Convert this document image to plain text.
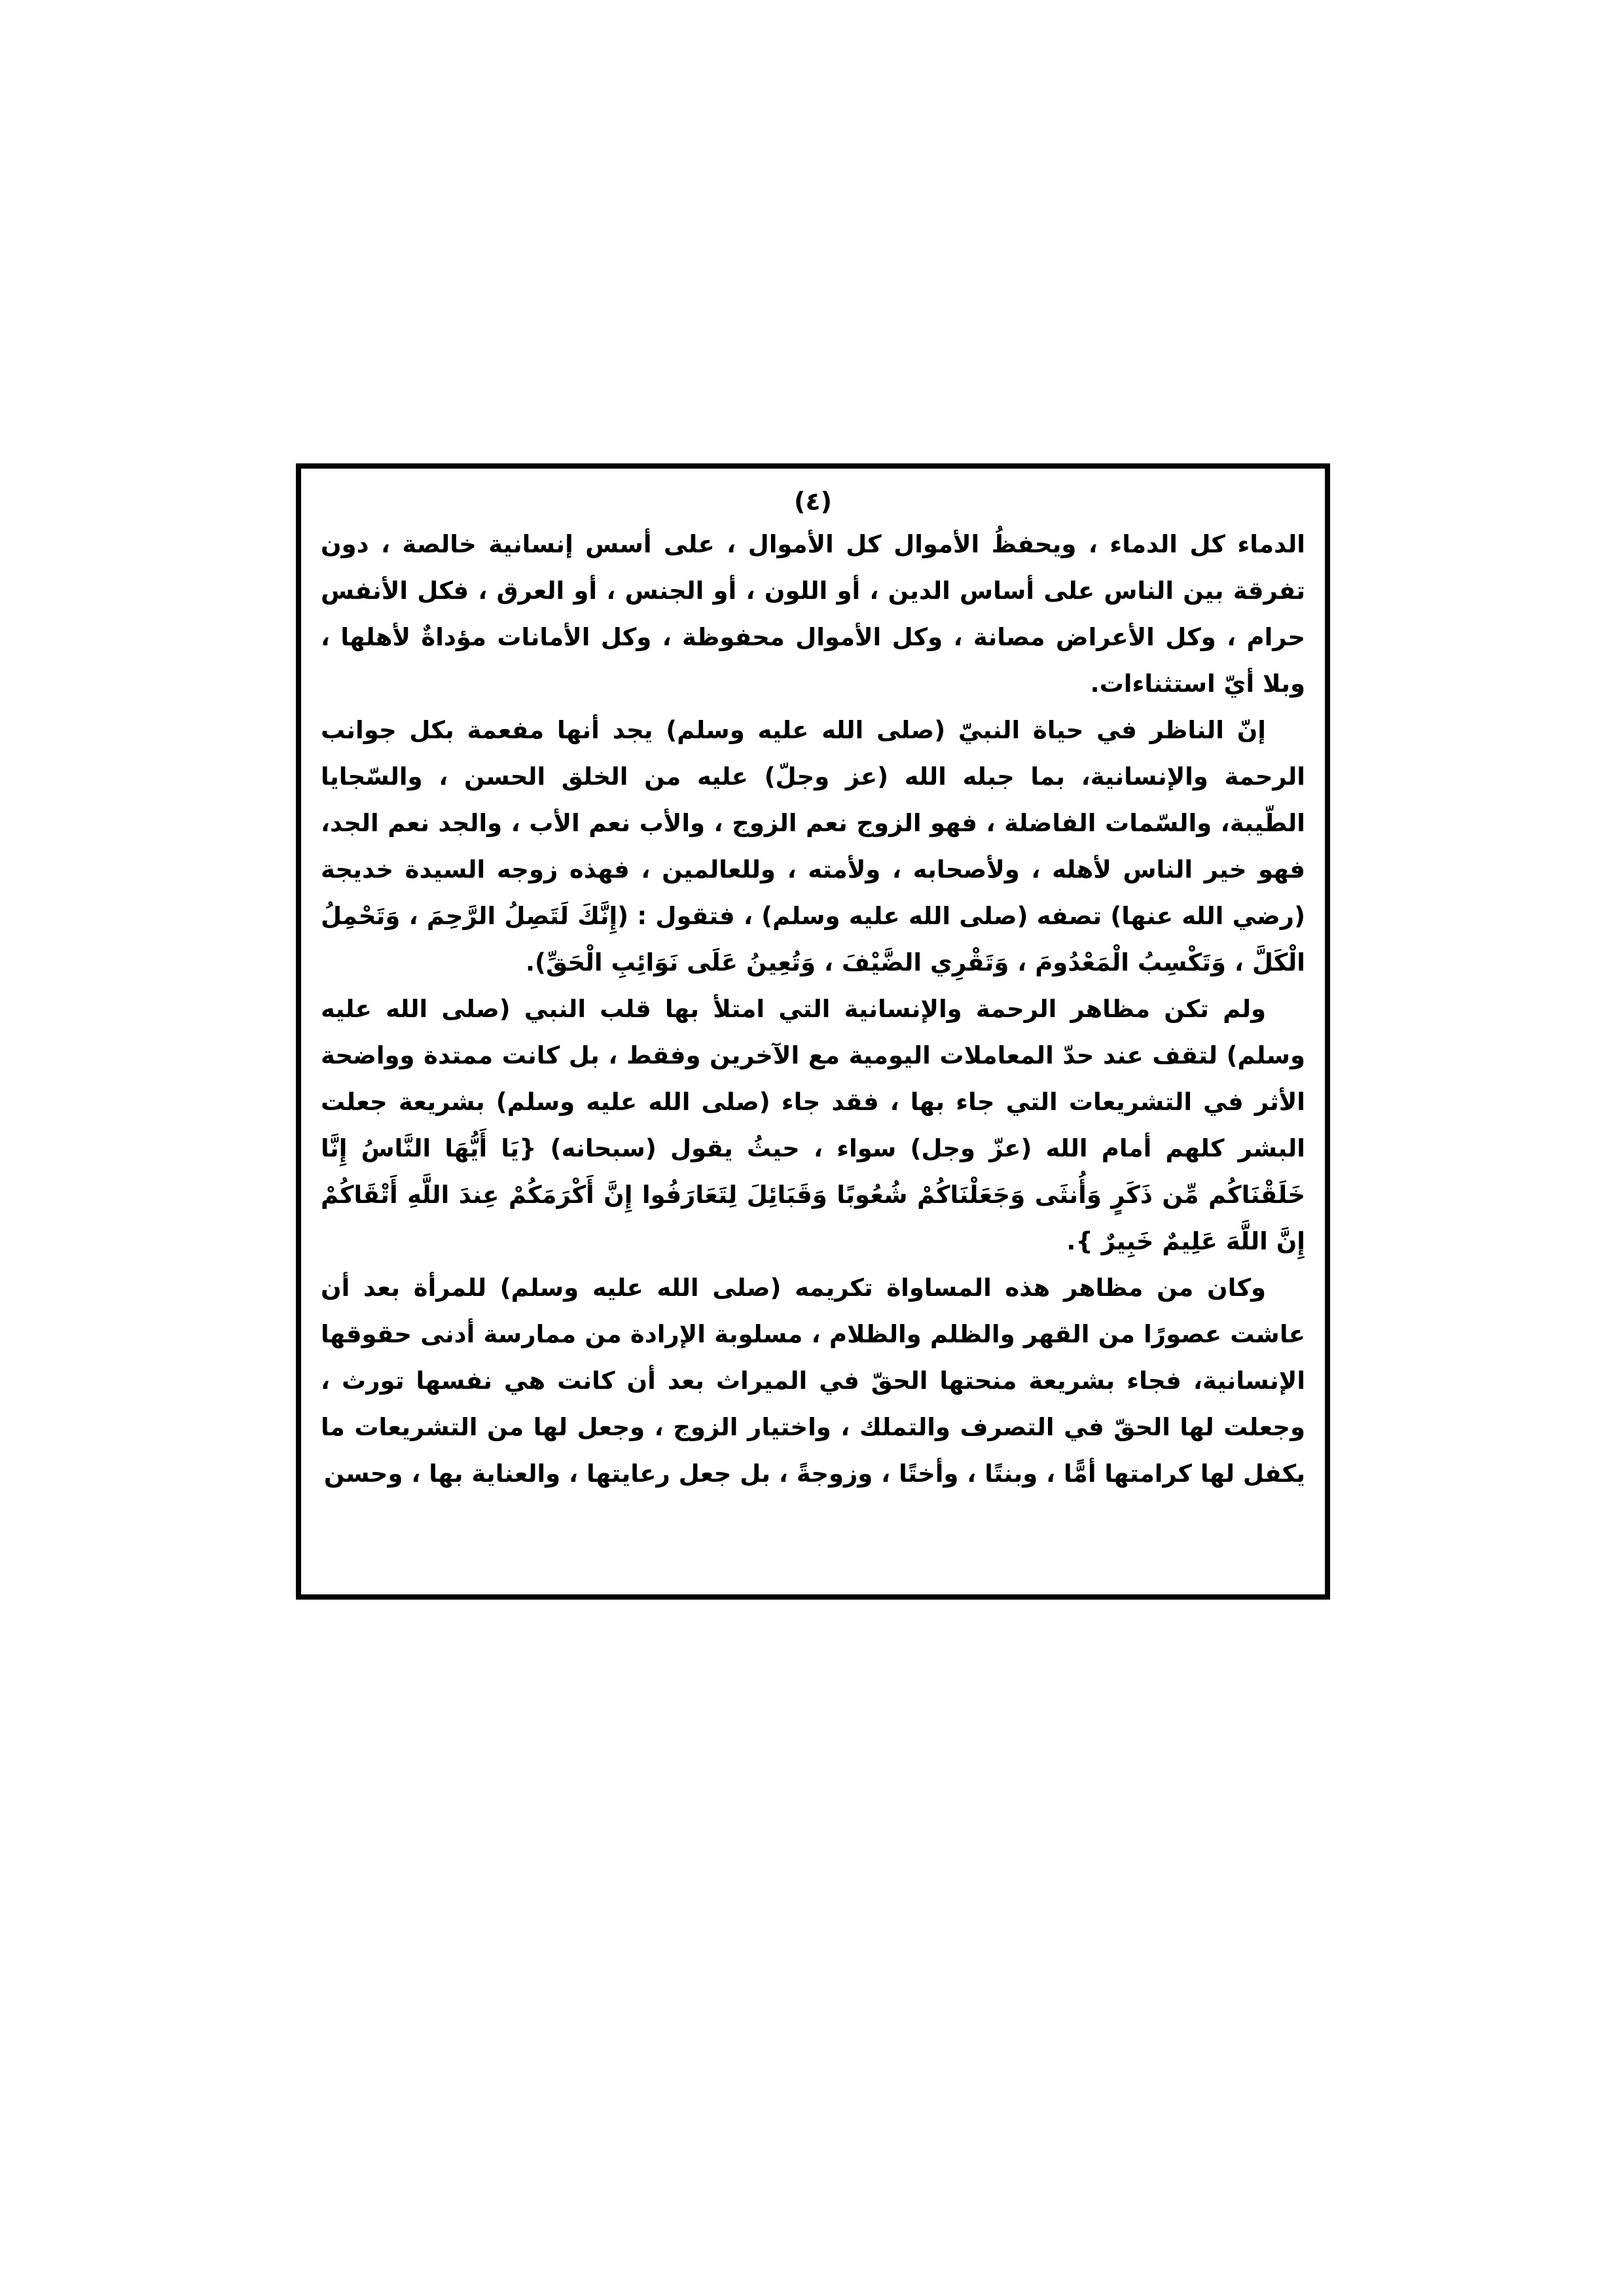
(٤)

الدماء كل الدماء ، ويحفظُ الأموال كل الأموال ، على أسس إنسانية خالصة ، دون تفرقة بين الناس على أساس الدين ، أو اللون ، أو الجنس ، أو العرق ، فكل الأنفس حرام ، وكل الأعراض مصانة ، وكل الأموال محفوظة ، وكل الأمانات مؤداةٌ لأهلها ، وبلا أيّ استثناءات.

إنّ الناظر في حياة النبيّ (صلى الله عليه وسلم) يجد أنها مفعمة بكل جوانب الرحمة والإنسانية، بما جبله الله (عز وجلّ) عليه من الخلق الحسن ، والسّجايا الطّيبة، والسّمات الفاضلة ، فهو الزوج نعم الزوج ، والأب نعم الأب ، والجد نعم الجد، فهو خير الناس لأهله ، ولأصحابه ، ولأمته ، وللعالمين ، فهذه زوجه السيدة خديجة (رضي الله عنها) تصفه (صلى الله عليه وسلم) ، فتقول : (إِنَّكَ لَتَصِلُ الرَّحِمَ ، وَتَحْمِلُ الْكَلَّ ، وَتَكْسِبُ الْمَعْدُومَ ، وَتَقْرِي الضَّيْفَ ، وَتُعِينُ عَلَى نَوَائِبِ الْحَقِّ).

ولم تكن مظاهر الرحمة والإنسانية التي امتلأ بها قلب النبي (صلى الله عليه وسلم) لتقف عند حدّ المعاملات اليومية مع الآخرين وفقط ، بل كانت ممتدة وواضحة الأثر في التشريعات التي جاء بها ، فقد جاء (صلى الله عليه وسلم) بشريعة جعلت البشر كلهم أمام الله (عزّ وجل) سواء ، حيثُ يقول (سبحانه) {يَا أَيُّهَا النَّاسُ إِنَّا خَلَقْنَاكُم مِّن ذَكَرٍ وَأُنثَى وَجَعَلْنَاكُمْ شُعُوبًا وَقَبَائِلَ لِتَعَارَفُوا إِنَّ أَكْرَمَكُمْ عِندَ اللَّهِ أَتْقَاكُمْ إِنَّ اللَّهَ عَلِيمٌ خَبِيرٌ }.

وكان من مظاهر هذه المساواة تكريمه (صلى الله عليه وسلم) للمرأة بعد أن عاشت عصورًا من القهر والظلم والظلام ، مسلوبة الإرادة من ممارسة أدنى حقوقها الإنسانية، فجاء بشريعة منحتها الحقّ في الميراث بعد أن كانت هي نفسها تورث ، وجعلت لها الحقّ في التصرف والتملك ، واختيار الزوج ، وجعل لها من التشريعات ما يكفل لها كرامتها أمًّا ، وبنتًا ، وأختًا ، وزوجةً ، بل جعل رعايتها ، والعناية بها ، وحسن
